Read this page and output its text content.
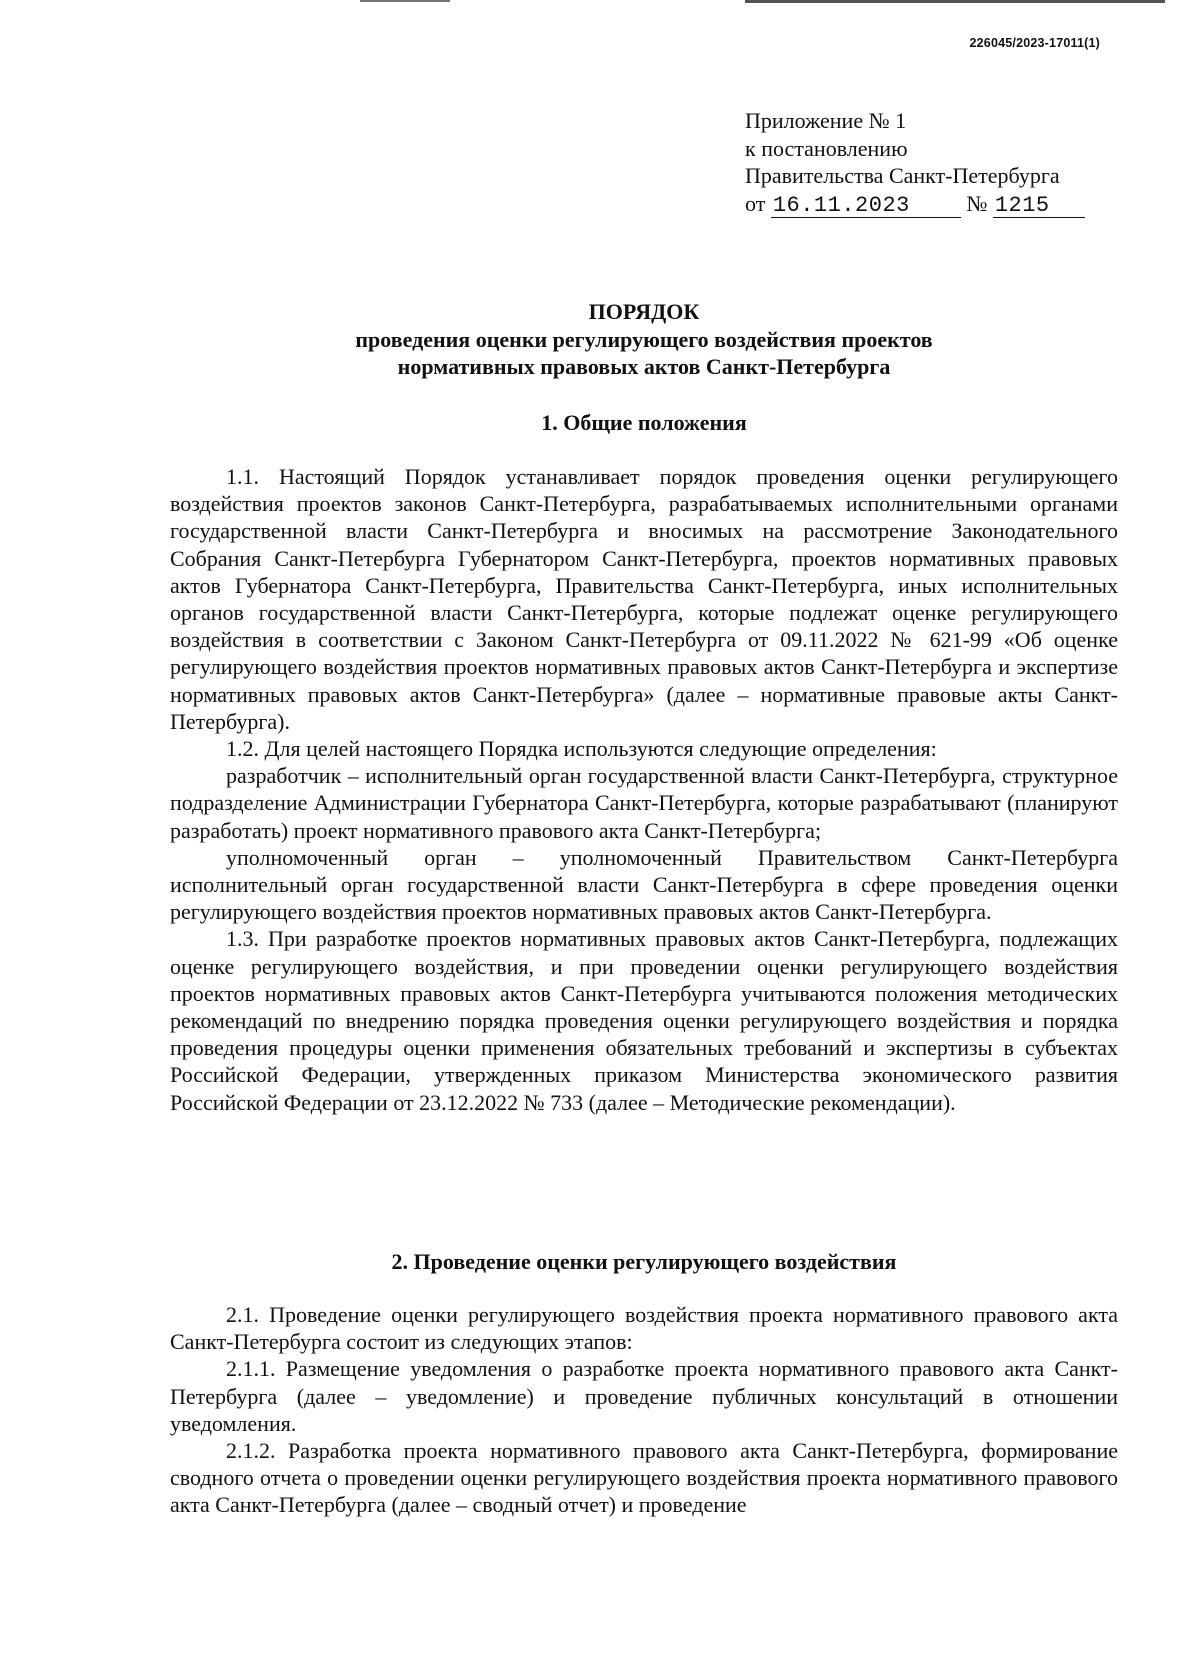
226045/2023-17011(1)
Приложение № 1
к постановлению
Правительства Санкт-Петербурга
от 16.11.2023	№ 1215
ПОРЯДОК
проведения оценки регулирующего воздействия проектов
нормативных правовых актов Санкт-Петербурга
1. Общие положения

1.1. Настоящий Порядок устанавливает порядок проведения оценки регулирующего воздействия проектов законов Санкт-Петербурга, разрабатываемых исполнительными органами государственной власти Санкт-Петербурга и вносимых на рассмотрение Законодательного Собрания Санкт-Петербурга Губернатором Санкт-Петербурга, проектов нормативных правовых актов Губернатора Санкт-Петербурга, Правительства Санкт-Петербурга, иных исполнительных органов государственной власти Санкт-Петербурга, которые подлежат оценке регулирующего воздействия в соответствии с Законом Санкт-Петербурга от 09.11.2022 № 621-99 «Об оценке регулирующего воздействия проектов нормативных правовых актов Санкт-Петербурга и экспертизе нормативных правовых актов Санкт-Петербурга» (далее – нормативные правовые акты Санкт-Петербурга).

1.2. Для целей настоящего Порядка используются следующие определения:

разработчик – исполнительный орган государственной власти Санкт-Петербурга, структурное подразделение Администрации Губернатора Санкт-Петербурга, которые разрабатывают (планируют разработать) проект нормативного правового акта Санкт-Петербурга;

уполномоченный орган – уполномоченный Правительством Санкт-Петербурга исполнительный орган государственной власти Санкт-Петербурга в сфере проведения оценки регулирующего воздействия проектов нормативных правовых актов Санкт-Петербурга.

1.3. При разработке проектов нормативных правовых актов Санкт-Петербурга, подлежащих оценке регулирующего воздействия, и при проведении оценки регулирующего воздействия проектов нормативных правовых актов Санкт-Петербурга учитываются положения методических рекомендаций по внедрению порядка проведения оценки регулирующего воздействия и порядка проведения процедуры оценки применения обязательных требований и экспертизы в субъектах Российской Федерации, утвержденных приказом Министерства экономического развития Российской Федерации от 23.12.2022 № 733 (далее – Методические рекомендации).

2. Проведение оценки регулирующего воздействия

2.1. Проведение оценки регулирующего воздействия проекта нормативного правового акта Санкт-Петербурга состоит из следующих этапов:

2.1.1. Размещение уведомления о разработке проекта нормативного правового акта Санкт-Петербурга (далее – уведомление) и проведение публичных консультаций в отношении уведомления.

2.1.2. Разработка проекта нормативного правового акта Санкт-Петербурга, формирование сводного отчета о проведении оценки регулирующего воздействия проекта нормативного правового акта Санкт-Петербурга (далее – сводный отчет) и проведение
